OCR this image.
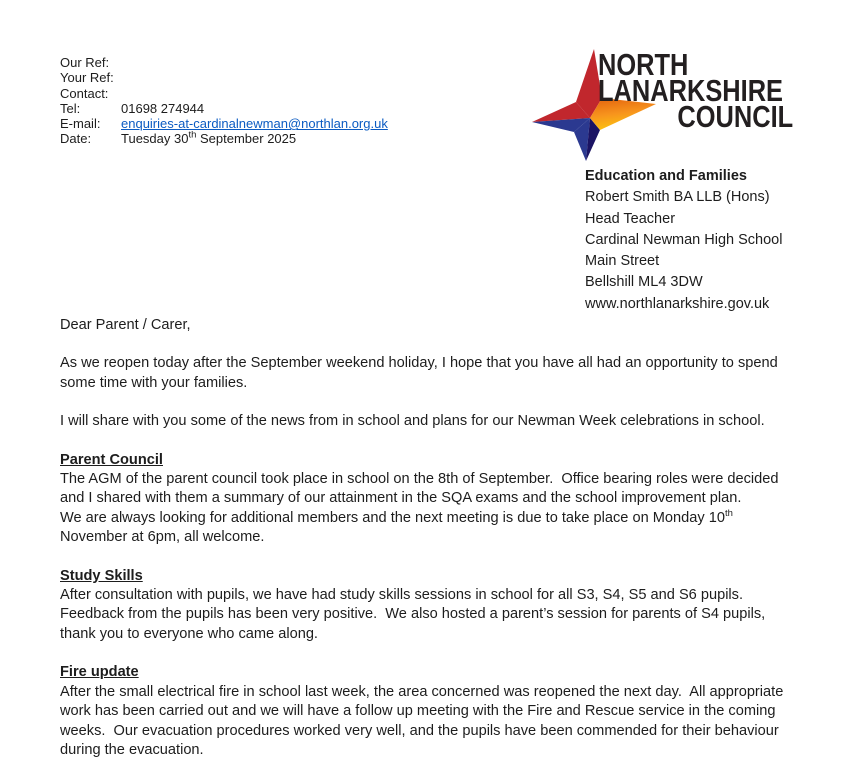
Our Ref:
Your Ref:
Contact:
Tel:	01698 274944
E-mail:	enquiries-at-cardinalnewman@northlan.org.uk
Date:	Tuesday 30th September 2025
NORTH
LANARKSHIRE
COUNCIL
Education and Families
Robert Smith BA LLB (Hons)
Head Teacher
Cardinal Newman High School
Main Street
Bellshill ML4 3DW
www.northlanarkshire.gov.uk

Dear Parent / Carer,

As we reopen today after the September weekend holiday, I hope that you have all had an opportunity to spend some time with your families.

I will share with you some of the news from in school and plans for our Newman Week celebrations in school.

Parent Council

The AGM of the parent council took place in school on the 8th of September.  Office bearing roles were decided and I shared with them a summary of our attainment in the SQA exams and the school improvement plan.

We are always looking for additional members and the next meeting is due to take place on Monday 10th November at 6pm, all welcome.

Study Skills

After consultation with pupils, we have had study skills sessions in school for all S3, S4, S5 and S6 pupils. Feedback from the pupils has been very positive.  We also hosted a parent’s session for parents of S4 pupils, thank you to everyone who came along.

Fire update

After the small electrical fire in school last week, the area concerned was reopened the next day.  All appropriate work has been carried out and we will have a follow up meeting with the Fire and Rescue service in the coming weeks.  Our evacuation procedures worked very well, and the pupils have been commended for their behaviour during the evacuation.
